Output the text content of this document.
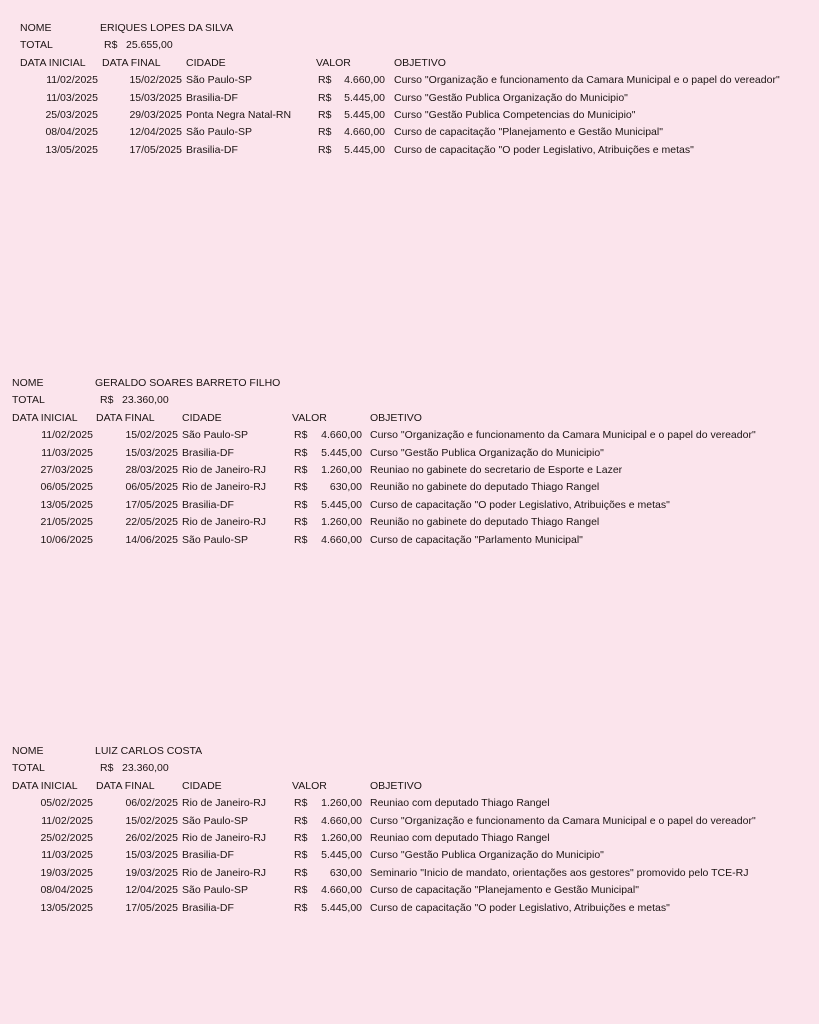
NOME	ERIQUES LOPES DA SILVA
TOTAL	R$ 25.655,00
DATA INICIAL DATA FINAL CIDADE	VALOR	OBJETIVO
11/02/2025	15/02/2025 São Paulo-SP	R$ 4.660,00 Curso "Organização e funcionamento da Camara Municipal e o papel do vereador"
11/03/2025	15/03/2025 Brasilia-DF	R$ 5.445,00 Curso "Gestão Publica Organização do Municipio"
25/03/2025	29/03/2025 Ponta Negra Natal-RN	R$ 5.445,00 Curso "Gestão Publica Competencias do Municipio"
08/04/2025	12/04/2025 São Paulo-SP	R$ 4.660,00 Curso de capacitação "Planejamento e Gestão Municipal"
13/05/2025	17/05/2025 Brasilia-DF	R$ 5.445,00 Curso de capacitação "O poder Legislativo, Atribuições e metas"
NOME	GERALDO SOARES BARRETO FILHO
TOTAL	R$ 23.360,00
DATA INICIAL DATA FINAL	CIDADE	VALOR	OBJETIVO
11/02/2025	15/02/2025 São Paulo-SP	R$ 4.660,00 Curso "Organização e funcionamento da Camara Municipal e o papel do vereador"
11/03/2025	15/03/2025 Brasilia-DF	R$ 5.445,00 Curso "Gestão Publica Organização do Municipio"
27/03/2025	28/03/2025 Rio de Janeiro-RJ	R$ 1.260,00 Reuniao no gabinete do secretario de Esporte e Lazer
06/05/2025	06/05/2025 Rio de Janeiro-RJ	R$ 630,00 Reunião no gabinete do deputado Thiago Rangel
13/05/2025	17/05/2025 Brasilia-DF	R$ 5.445,00 Curso de capacitação "O poder Legislativo, Atribuições e metas"
21/05/2025	22/05/2025 Rio de Janeiro-RJ	R$ 1.260,00 Reunião no gabinete do deputado Thiago Rangel
10/06/2025	14/06/2025 São Paulo-SP	R$ 4.660,00 Curso de capacitação "Parlamento Municipal"
NOME	LUIZ CARLOS COSTA
TOTAL	R$ 23.360,00
DATA INICIAL DATA FINAL	CIDADE	VALOR	OBJETIVO
05/02/2025	06/02/2025 Rio de Janeiro-RJ	R$ 1.260,00 Reuniao com deputado Thiago Rangel
11/02/2025	15/02/2025 São Paulo-SP	R$ 4.660,00 Curso "Organização e funcionamento da Camara Municipal e o papel do vereador"
25/02/2025	26/02/2025 Rio de Janeiro-RJ	R$ 1.260,00 Reuniao com deputado Thiago Rangel
11/03/2025	15/03/2025 Brasilia-DF	R$ 5.445,00 Curso "Gestão Publica Organização do Municipio"
19/03/2025	19/03/2025 Rio de Janeiro-RJ	R$ 630,00 Seminario "Inicio de mandato, orientações aos gestores" promovido pelo TCE-RJ
08/04/2025	12/04/2025 São Paulo-SP	R$ 4.660,00 Curso de capacitação "Planejamento e Gestão Municipal"
13/05/2025	17/05/2025 Brasilia-DF	R$ 5.445,00 Curso de capacitação "O poder Legislativo, Atribuições e metas"
